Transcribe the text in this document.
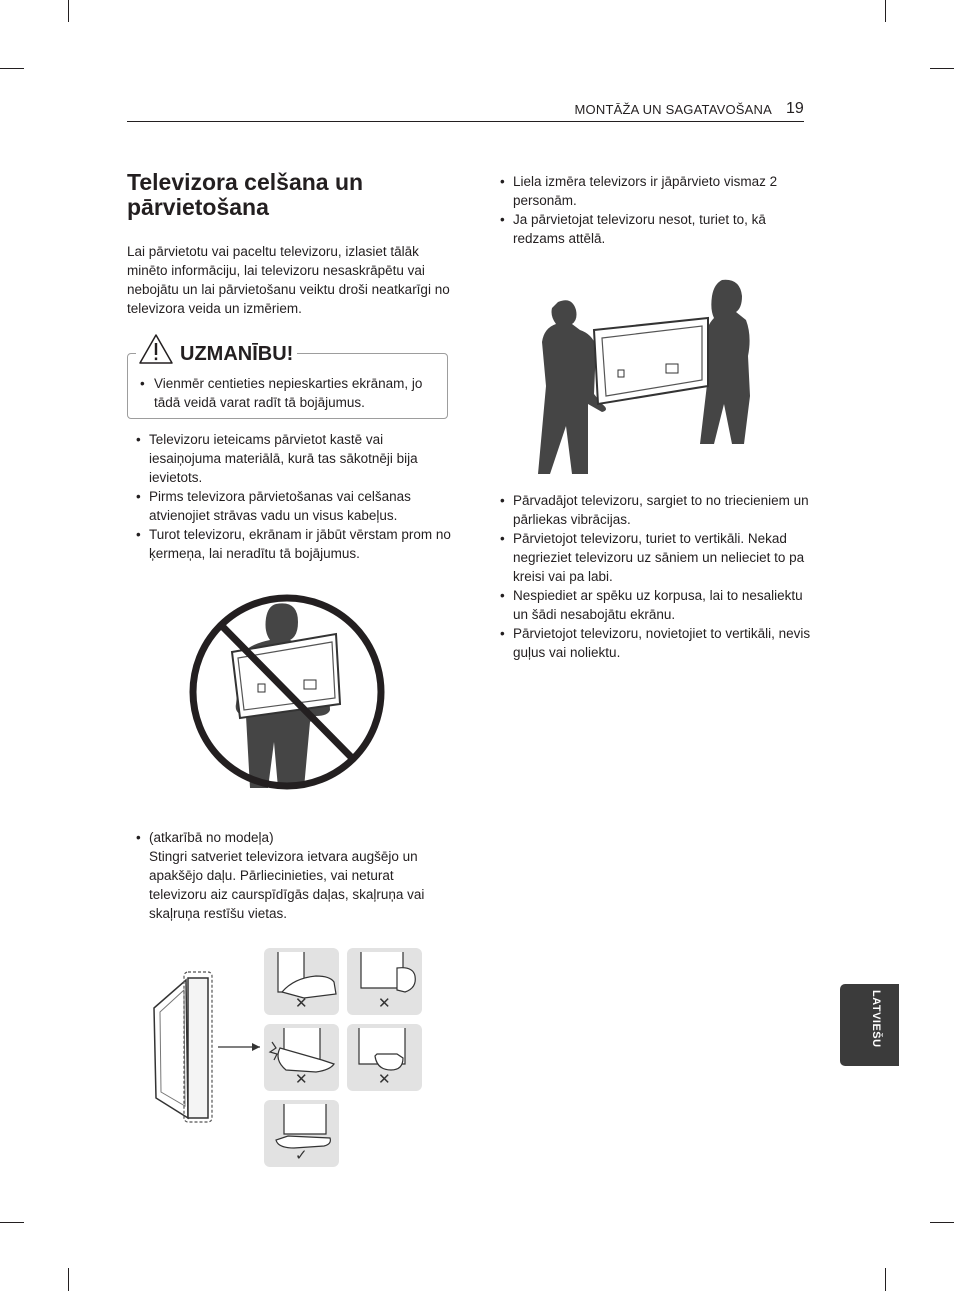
MONTĀŽA UN SAGATAVOŠANA 19
Televizora celšana un pārvietošana

Lai pārvietotu vai paceltu televizoru, izlasiet tālāk minēto informāciju, lai televizoru nesaskrāpētu vai nebojātu un lai pārvietošanu veiktu droši neatkarīgi no televizora veida un izmēriem.

UZMANĪBU!
• Vienmēr centieties nepieskarties ekrānam, jo tādā veidā varat radīt tā bojājumus.
• Televizoru ieteicams pārvietot kastē vai iesaiņojuma materiālā, kurā tas sākotnēji bija ievietots.
• Pirms televizora pārvietošanas vai celšanas atvienojiet strāvas vadu un visus kabeļus.
• Turot televizoru, ekrānam ir jābūt vērstam prom no ķermeņa, lai neradītu tā bojājumus.
• (atkarībā no modeļa)
Stingri satveriet televizora ietvara augšējo un apakšējo daļu. Pārliecinieties, vai neturat televizoru aiz caurspīdīgās daļas, skaļruņa vai skaļruņa restīšu vietas.
✕	✕
✕	✕
✓
• Liela izmēra televizors ir jāpārvieto vismaz 2 personām.
• Ja pārvietojat televizoru nesot, turiet to, kā redzams attēlā.
• Pārvadājot televizoru, sargiet to no triecieniem un pārliekas vibrācijas.
• Pārvietojot televizoru, turiet to vertikāli. Nekad negrieziet televizoru uz sāniem un nelieciet to pa kreisi vai pa labi.
• Nespiediet ar spēku uz korpusa, lai to nesaliektu un šādi nesabojātu ekrānu.
• Pārvietojot televizoru, novietojiet to vertikāli, nevis guļus vai noliektu.
LATVIEŠU
